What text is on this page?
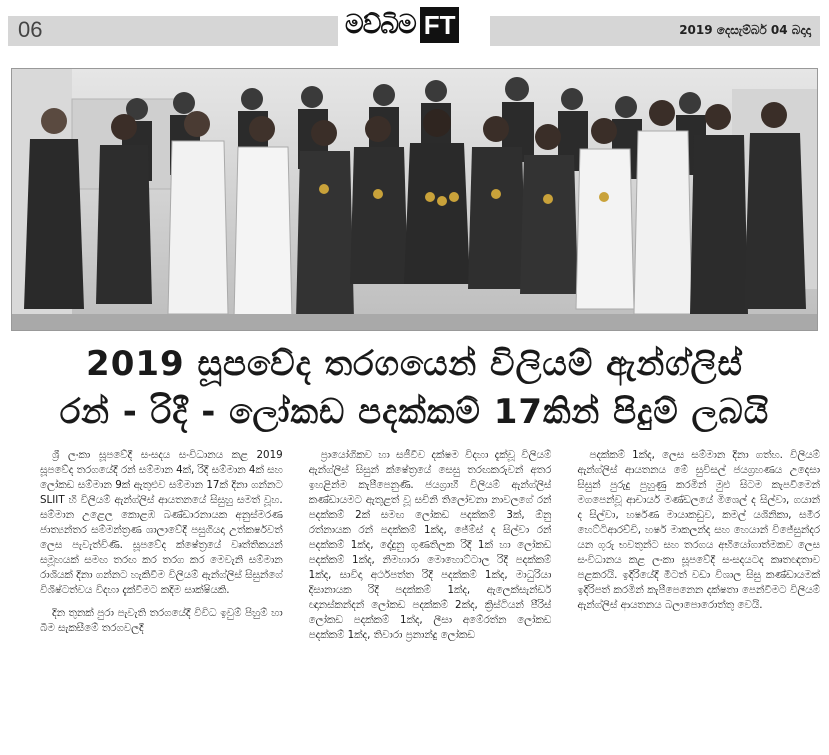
06	මව්බිම FT	2019 දෙසැම්බර් 04 බදාදා
2019 සූපවේද තරගයෙන් විලියම් ඇන්ග්ලිස්
රන් - රිදී - ලෝකඩ පදක්කම් 17කින් පිදුම් ලබයි

ශ්‍රී ලංකා සූපවේදී සංසදය සංවිධානය කළ 2019 සූපවේද තරගයේදී රන් සම්මාන 4ක්, රිදී සම්මාන 4ක් සහ ලෝකඩ සම්මාන 9ක් ඇතුළුව සම්මාන 17ක් දිනා ගන්නට SLIIT හි විලියම් ඇන්ග්ලිස් ආයතනයේ සිසුහු සමත් වූහ. සම්මාන උළෙල කොළඹ බණ්ඩාරනායක අනුස්මරණ ජාත්‍යන්තර සම්මන්ත්‍රණ ශාලාවේදී පසුගියදා උත්කර්ෂවත් ලෙස පැවැත්විණි. සූපවේද ක්ෂේත්‍රයේ වෘත්තිකයන් සමූහයක් සමඟ තරඟ කර තරග කර මෙවැනි සම්මාන රාශියක් දිනා ගන්නට හැකිවීම විලියම් ඇන්ග්ලිස් සිසුන්ගේ විශිෂ්ටත්වය විදහා දැක්වීමට කදිම සාක්ෂියකි.

දින තුනක් පුරා පැවැති තරගයේදී විවිධ ඉවුම් පිහුම් හා බීම සැකසීමේ තරගවලදී

ප්‍රායෝගිකව හා සජීවීව දක්ෂම විදහා දැක්වූ විලියම් ඇන්ග්ලිස් සිසුන් ක්ෂේත්‍රයේ සෙසු තරඟකරුවන් අතර ඉහළින්ම කැපීපෙනුණි. ජයග්‍රාහී විලියම් ඇන්ග්ලිස් කණ්ඩායමට ඇතුළත් වූ සචිනි තිලෝචනා නාවලගේ රන් පදක්කම් 2ක් සමඟ ලෝකඩ පදක්කම් 3ක්, ඕනු රත්නායක රන් පදක්කම් 1ක්ද, ජේම්ස් ද සිල්වා රන් පදක්කම් 1ක්ද, දේදුනු ගුණතිලක රිදී 1ක් හා ලෝකඩ පදක්කම් 1ක්ද, නිමහාරා මොහොට්ටාල රිදී පදක්කම් 1ක්ද, සාවිදා අර්ථපත්ත රිදී පදක්කම් 1ක්ද, මාධුරියා දිසානායක රිදී පදක්කම් 1ක්ද, ඇලෙක්සැන්ඩර් ඥානස්කන්දන් ලෝකඩ පදක්කම් 2ක්ද, ක්‍රිස්ටියන් පීරිස් ලෝකඩ පදක්කම් 1ක්ද, ලීසා අමේරත්න ලෝකඩ පදක්කම් 1ක්ද, තිවාරා ප්‍රනාන්දු ලෝකඩ

පදක්කම් 1ක්ද, ලෙස සම්මාන දිනා ගත්හ. විලියම් ඇන්ග්ලිස් ආයතනය මේ සුවිසල් ජයග්‍රහණය උදෙසා සිසුන් පුරුදු පුහුණු කරමින් මුළු සිටම කැපවීමෙන් මගපෙන්වූ ආචාර්ය මණ්ඩලයේ මිශෙල් ද සිල්වා, ගයාන් ද සිල්වා, හර්ෂණ මායාකඩුව, කමල් යශිනිකා, සමීර හෙට්ටිආරච්චි, හර්ෂ මාකලන්ද සහ හෙයාන් විජේසුන්දර යන ගුරු භවතුන්ට සහ තරගය අභියෝගාත්මකව ලෙස සංවිධානය කළ ලංකා සූපවේදී සංසදයටද කෘතඥතාව පළකරයි. ඉදිරියේදී මීටත් වඩා විශාල සිසු කණ්ඩායමක් ඉදිරිපත් කරමින් කැපීපෙනෙන දක්ෂතා පෙන්වීමට විලියම් ඇන්ග්ලිස් ආයතනය බලාපොරොත්තු වෙයි.
